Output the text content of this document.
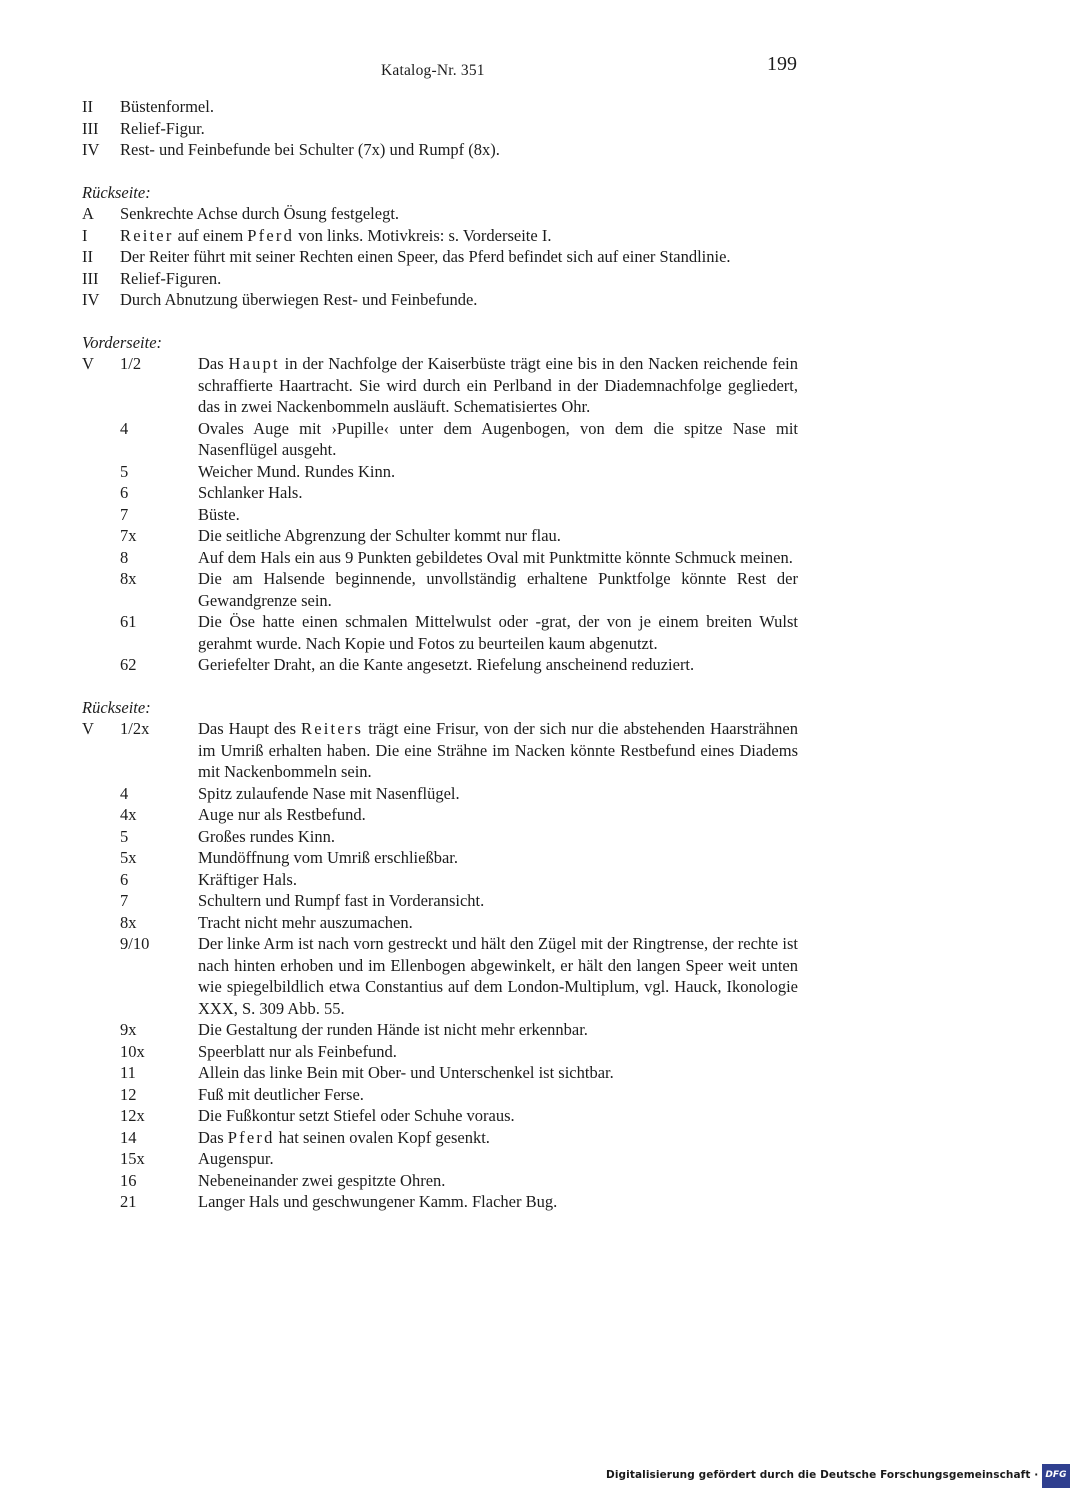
Katalog-Nr. 351	199
II Büstenformel.
III Relief-Figur.
IV Rest- und Feinbefunde bei Schulter (7x) und Rumpf (8x).
Rückseite:
A Senkrechte Achse durch Ösung festgelegt.
I Reiter auf einem Pferd von links. Motivkreis: s. Vorderseite I.
II Der Reiter führt mit seiner Rechten einen Speer, das Pferd befindet sich auf einer Standlinie.
III Relief-Figuren.
IV Durch Abnutzung überwiegen Rest- und Feinbefunde.
Vorderseite:
V 1/2	Das Haupt in der Nachfolge der Kaiserbüste trägt eine bis in den Nacken reichende fein schraffierte Haartracht. Sie wird durch ein Perlband in der Diademnachfolge gegliedert, das in zwei Nackenbommeln ausläuft. Schematisiertes Ohr.
4	Ovales Auge mit ›Pupille‹ unter dem Augenbogen, von dem die spitze Nase mit Nasenflügel ausgeht.
5	Weicher Mund. Rundes Kinn.
6	Schlanker Hals.
7	Büste.
7x	Die seitliche Abgrenzung der Schulter kommt nur flau.
8	Auf dem Hals ein aus 9 Punkten gebildetes Oval mit Punktmitte könnte Schmuck meinen.
8x	Die am Halsende beginnende, unvollständig erhaltene Punktfolge könnte Rest der Gewandgrenze sein.
61	Die Öse hatte einen schmalen Mittelwulst oder -grat, der von je einem breiten Wulst gerahmt wurde. Nach Kopie und Fotos zu beurteilen kaum abgenutzt.
62	Geriefelter Draht, an die Kante angesetzt. Riefelung anscheinend reduziert.
Rückseite:
V 1/2x	Das Haupt des Reiters trägt eine Frisur, von der sich nur die abstehenden Haarsträhnen im Umriß erhalten haben. Die eine Strähne im Nacken könnte Restbefund eines Diadems mit Nackenbommeln sein.
4	Spitz zulaufende Nase mit Nasenflügel.
4x	Auge nur als Restbefund.
5	Großes rundes Kinn.
5x	Mundöffnung vom Umriß erschließbar.
6	Kräftiger Hals.
7	Schultern und Rumpf fast in Vorderansicht.
8x	Tracht nicht mehr auszumachen.
9/10	Der linke Arm ist nach vorn gestreckt und hält den Zügel mit der Ringtrense, der rechte ist nach hinten erhoben und im Ellenbogen abgewinkelt, er hält den langen Speer weit unten wie spiegelbildlich etwa Constantius auf dem London-Multiplum, vgl. Hauck, Ikonologie XXX, S. 309 Abb. 55.
9x	Die Gestaltung der runden Hände ist nicht mehr erkennbar.
10x	Speerblatt nur als Feinbefund.
11	Allein das linke Bein mit Ober- und Unterschenkel ist sichtbar.
12	Fuß mit deutlicher Ferse.
12x	Die Fußkontur setzt Stiefel oder Schuhe voraus.
14	Das Pferd hat seinen ovalen Kopf gesenkt.
15x	Augenspur.
16	Nebeneinander zwei gespitzte Ohren.
21	Langer Hals und geschwungener Kamm. Flacher Bug.
Digitalisierung gefördert durch die Deutsche Forschungsgemeinschaft · DFG
